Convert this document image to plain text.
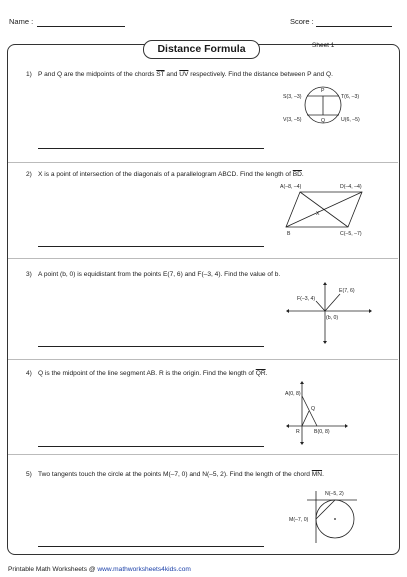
Name :	Score :
Distance Formula	Sheet 1
1) P and Q are the midpoints of the chords $\overline{ST}$ and $\overline{UV}$ respectively. Find the distance between P and Q.
S(3, –3)	T(6, –3)
V(3, –5)	U(6, –5)
P
Q
2) X is a point of intersection of the diagonals of a parallelogram ABCD. Find the length of $\overline{BD}$.
A(–8, –4)	D(–4, –4)
X
B	C(–5, –7)
3) A point (b, 0) is equidistant from the points E(7, 6) and F(–3, 4). Find the value of b.
F(–3, 4)
E(7, 6)
(b, 0)
4) Q is the midpoint of the line segment AB. R is the origin. Find the length of $\overline{QR}$.
A(0, 8)
Q
R	B(0, 8)
5) Two tangents touch the circle at the points M(–7, 0) and N(–5, 2). Find the length of the chord $\overline{MN}$.
N(–5, 2)
M(–7, 0)
Printable Math Worksheets @ www.mathworksheets4kids.com
